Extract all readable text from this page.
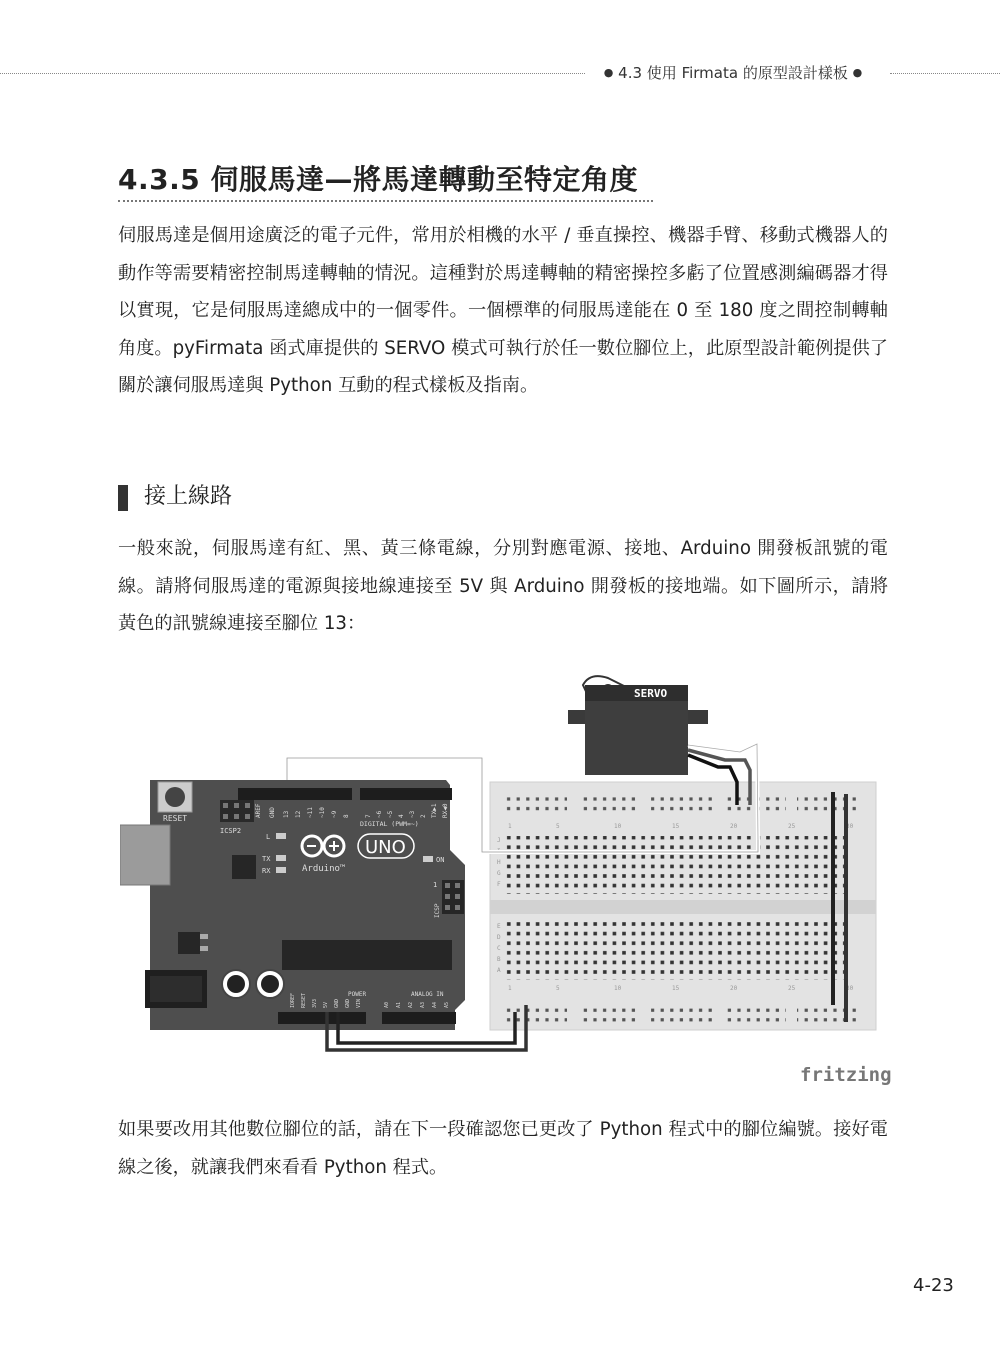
● 4.3 使用 Firmata 的原型設計樣板 ●
4.3.5 伺服馬達—將馬達轉動至特定角度

伺服馬達是個用途廣泛的電子元件，常用於相機的水平 / 垂直操控、機器手臂、移動式機器人的動作等需要精密控制馬達轉軸的情況。這種對於馬達轉軸的精密操控多虧了位置感測編碼器才得以實現，它是伺服馬達總成中的一個零件。一個標準的伺服馬達能在 0 至 180 度之間控制轉軸角度。pyFirmata 函式庫提供的 SERVO 模式可執行於任一數位腳位上，此原型設計範例提供了關於讓伺服馬達與 Python 互動的程式樣板及指南。

接上線路

一般來說，伺服馬達有紅、黑、黃三條電線，分別對應電源、接地、Arduino 開發板訊號的電線。請將伺服馬達的電源與接地線連接至 5V 與 Arduino 開發板的接地端。如下圖所示，請將黃色的訊號線連接至腳位 13：

1	5	10	15	20	25	30
1	5	10	15	20	25	30
J
I
H
G
F
E
D
C
B
A
SERVO
RESET
ICSP2
AREF GND 13 12 ~11 ~10 ~9 8	7 ~6 ~5 4 ~3 2 TX▶1 RX◀0
DIGITAL (PWM=~)
L
TX
RX
UNO
Arduino™
ON
1
ICSP
POWER	ANALOG IN
IOREF RESET 3V3 5V GND GND VIN	A0 A1 A2 A3 A4 A5
fritzing

如果要改用其他數位腳位的話，請在下一段確認您已更改了 Python 程式中的腳位編號。接好電線之後，就讓我們來看看 Python 程式。

4-23
